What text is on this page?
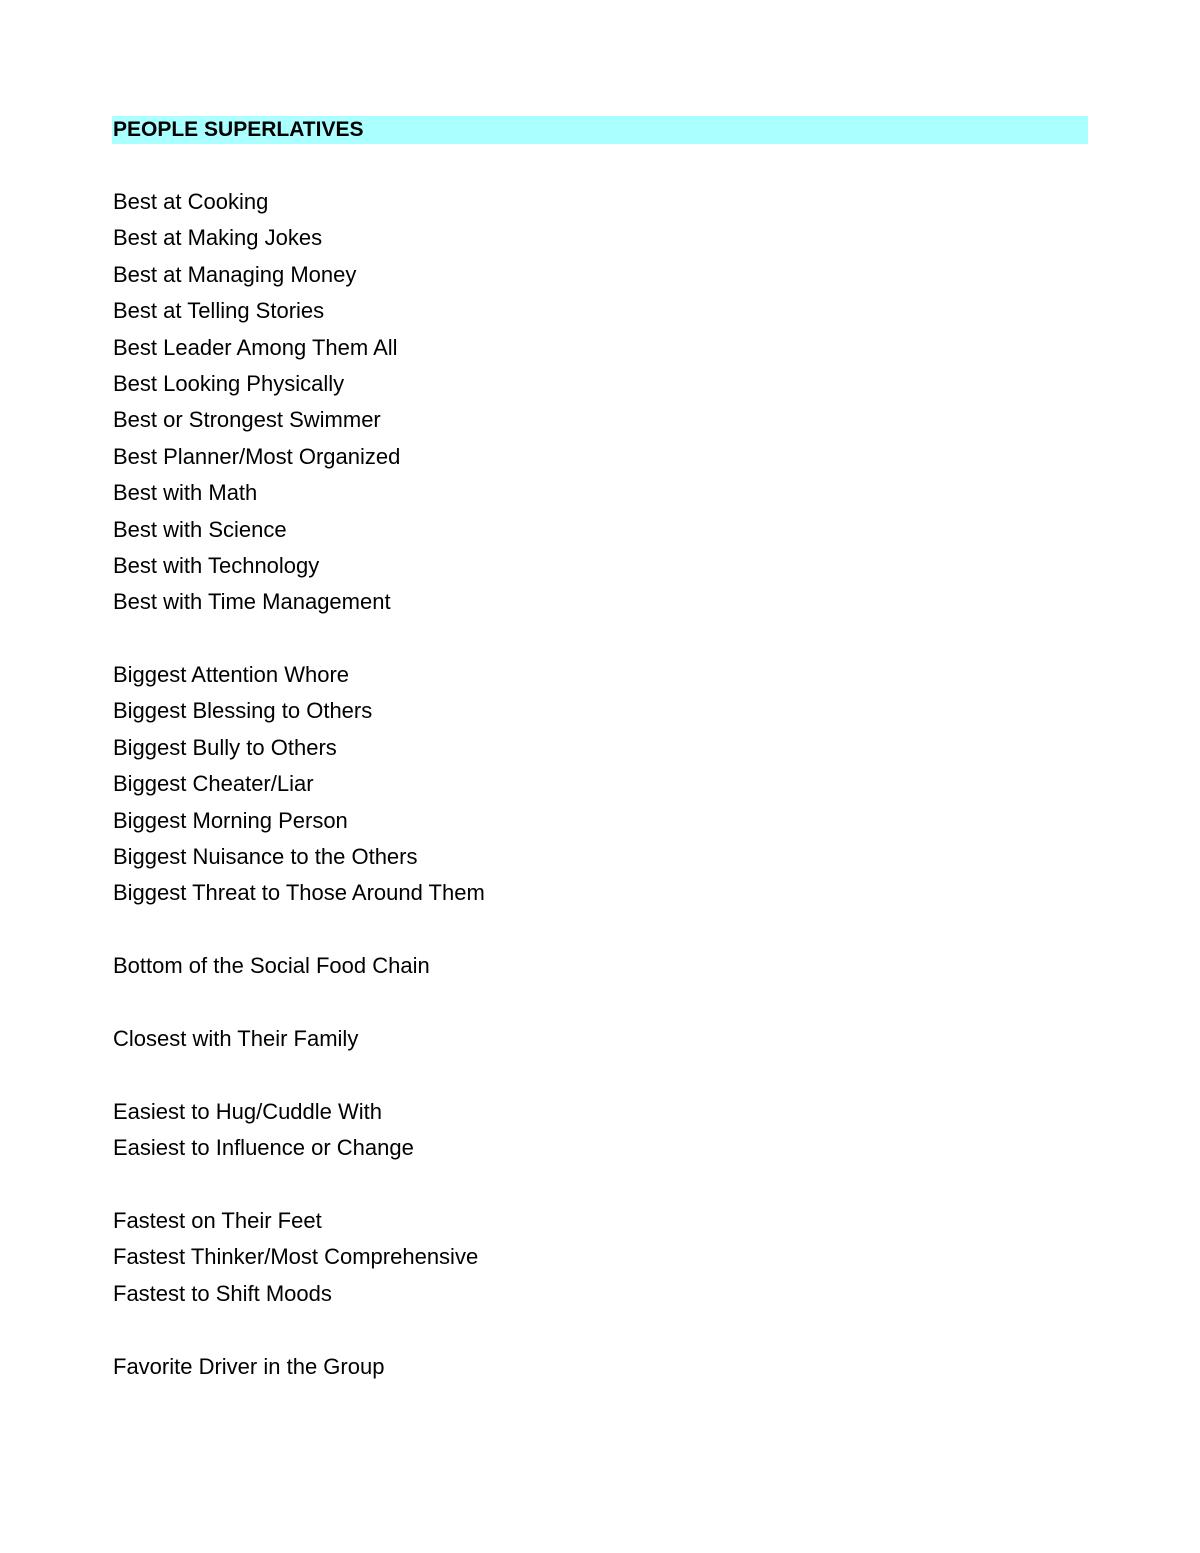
PEOPLE SUPERLATIVES
Best at Cooking
Best at Making Jokes
Best at Managing Money
Best at Telling Stories
Best Leader Among Them All
Best Looking Physically
Best or Strongest Swimmer
Best Planner/Most Organized
Best with Math
Best with Science
Best with Technology
Best with Time Management
Biggest Attention Whore
Biggest Blessing to Others
Biggest Bully to Others
Biggest Cheater/Liar
Biggest Morning Person
Biggest Nuisance to the Others
Biggest Threat to Those Around Them
Bottom of the Social Food Chain
Closest with Their Family
Easiest to Hug/Cuddle With
Easiest to Influence or Change
Fastest on Their Feet
Fastest Thinker/Most Comprehensive
Fastest to Shift Moods
Favorite Driver in the Group
